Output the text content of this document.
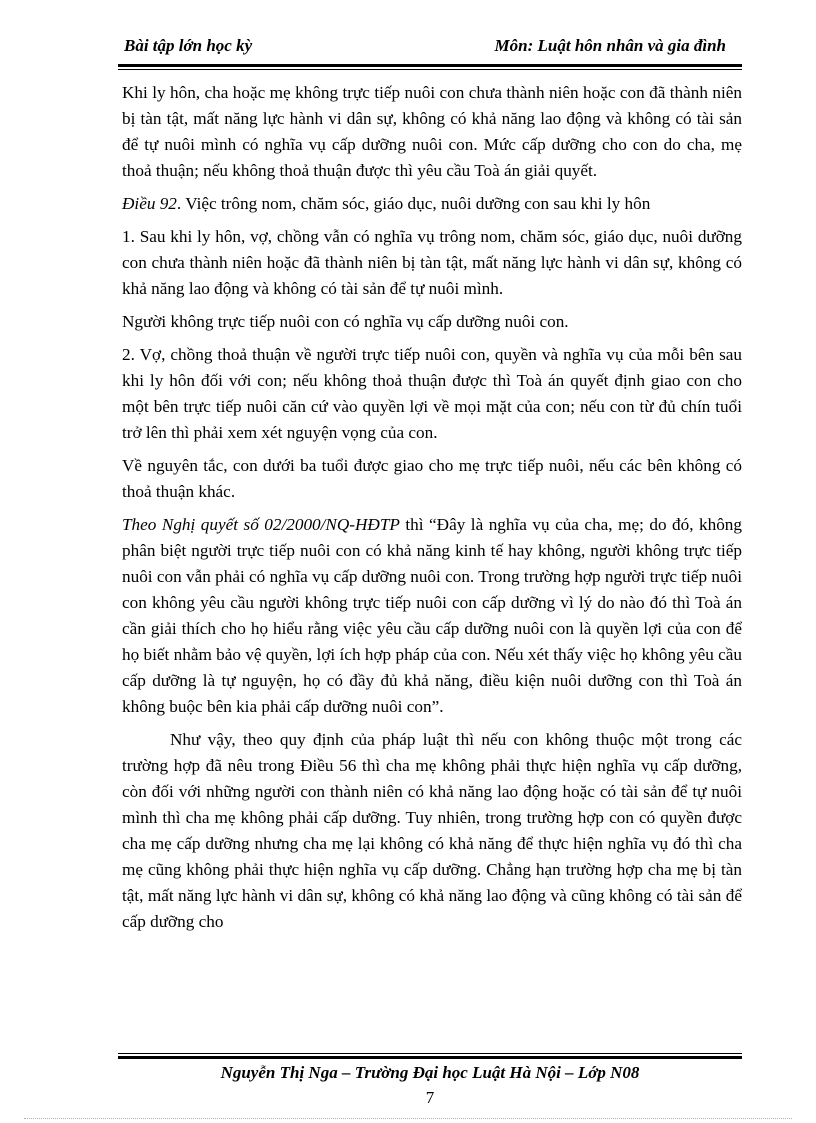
Bài tập lớn học kỳ	Môn: Luật hôn nhân và gia đình

Khi ly hôn, cha hoặc mẹ không trực tiếp nuôi con chưa thành niên hoặc con đã thành niên bị tàn tật, mất năng lực hành vi dân sự, không có khả năng lao động và không có tài sản để tự nuôi mình có nghĩa vụ cấp dưỡng nuôi con. Mức cấp dưỡng cho con do cha, mẹ thoả thuận; nếu không thoả thuận được thì yêu cầu Toà án giải quyết.

Điều 92. Việc trông nom, chăm sóc, giáo dục, nuôi dưỡng con sau khi ly hôn

1. Sau khi ly hôn, vợ, chồng vẫn có nghĩa vụ trông nom, chăm sóc, giáo dục, nuôi dưỡng con chưa thành niên hoặc đã thành niên bị tàn tật, mất năng lực hành vi dân sự, không có khả năng lao động và không có tài sản để tự nuôi mình.

Người không trực tiếp nuôi con có nghĩa vụ cấp dưỡng nuôi con.

2. Vợ, chồng thoả thuận về người trực tiếp nuôi con, quyền và nghĩa vụ của mỗi bên sau khi ly hôn đối với con; nếu không thoả thuận được thì Toà án quyết định giao con cho một bên trực tiếp nuôi căn cứ vào quyền lợi về mọi mặt của con; nếu con từ đủ chín tuổi trở lên thì phải xem xét nguyện vọng của con.

Về nguyên tắc, con dưới ba tuổi được giao cho mẹ trực tiếp nuôi, nếu các bên không có thoả thuận khác.

Theo Nghị quyết số 02/2000/NQ-HĐTP thì “Đây là nghĩa vụ của cha, mẹ; do đó, không phân biệt người trực tiếp nuôi con có khả năng kinh tế hay không, người không trực tiếp nuôi con vẫn phải có nghĩa vụ cấp dưỡng nuôi con. Trong trường hợp người trực tiếp nuôi con không yêu cầu người không trực tiếp nuôi con cấp dưỡng vì lý do nào đó thì Toà án cần giải thích cho họ hiểu rằng việc yêu cầu cấp dưỡng nuôi con là quyền lợi của con để họ biết nhằm bảo vệ quyền, lợi ích hợp pháp của con. Nếu xét thấy việc họ không yêu cầu cấp dưỡng là tự nguyện, họ có đầy đủ khả năng, điều kiện nuôi dưỡng con thì Toà án không buộc bên kia phải cấp dưỡng nuôi con”.

Như vậy, theo quy định của pháp luật thì nếu con không thuộc một trong các trường hợp đã nêu trong Điều 56 thì cha mẹ không phải thực hiện nghĩa vụ cấp dưỡng, còn đối với những người con thành niên có khả năng lao động hoặc có tài sản để tự nuôi mình thì cha mẹ không phải cấp dưỡng. Tuy nhiên, trong trường hợp con có quyền được cha mẹ cấp dưỡng nhưng cha mẹ lại không có khả năng để thực hiện nghĩa vụ đó thì cha mẹ cũng không phải thực hiện nghĩa vụ cấp dưỡng. Chẳng hạn trường hợp cha mẹ bị tàn tật, mất năng lực hành vi dân sự, không có khả năng lao động và cũng không có tài sản để cấp dưỡng cho

Nguyễn Thị Nga – Trường Đại học Luật Hà Nội – Lớp N08
7
